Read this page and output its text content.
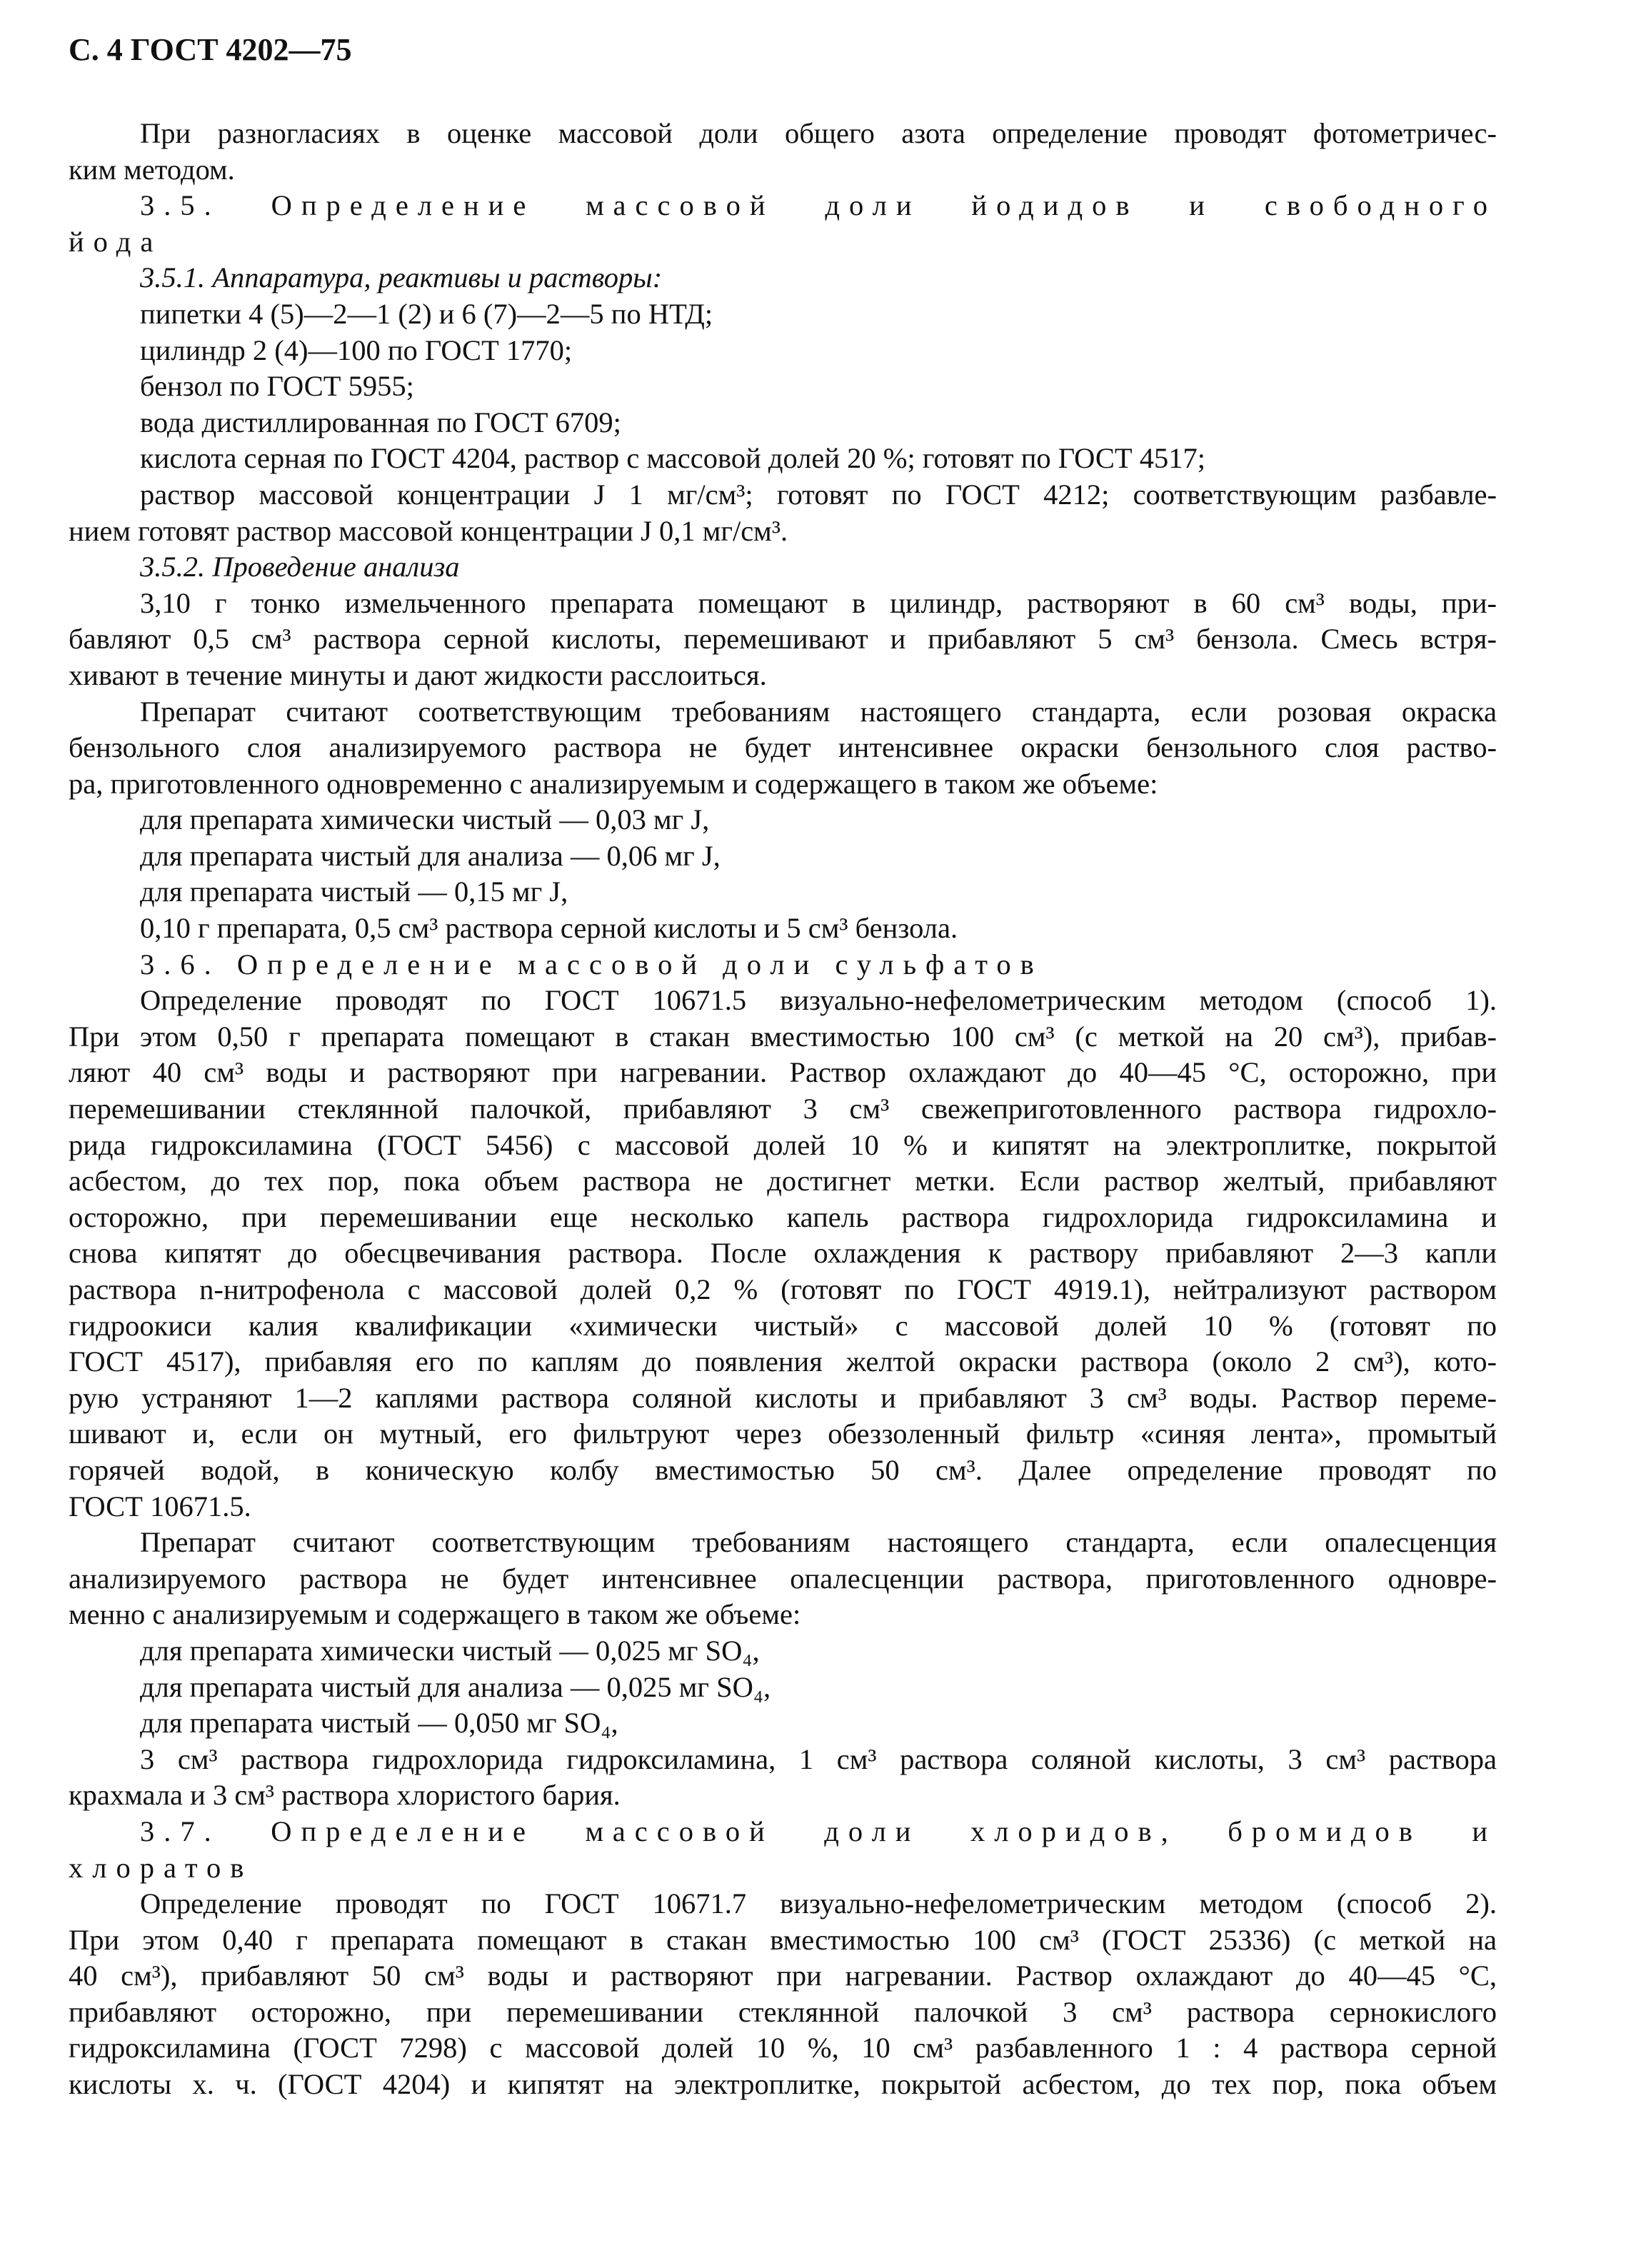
С. 4 ГОСТ 4202—75
При разногласиях в оценке массовой доли общего азота определение проводят фотометричес-
ким методом.
3.5. Определение массовой доли йодидов и свободного
йода
3.5.1. Аппаратура, реактивы и растворы:
пипетки 4 (5)—2—1 (2) и 6 (7)—2—5 по НТД;
цилиндр 2 (4)—100 по ГОСТ 1770;
бензол по ГОСТ 5955;
вода дистиллированная по ГОСТ 6709;
кислота серная по ГОСТ 4204, раствор с массовой долей 20 %; готовят по ГОСТ 4517;
раствор массовой концентрации J 1 мг/см³; готовят по ГОСТ 4212; соответствующим разбавле-
нием готовят раствор массовой концентрации J 0,1 мг/см³.
3.5.2. Проведение анализа
3,10 г тонко измельченного препарата помещают в цилиндр, растворяют в 60 см³ воды, при-
бавляют 0,5 см³ раствора серной кислоты, перемешивают и прибавляют 5 см³ бензола. Смесь встря-
хивают в течение минуты и дают жидкости расслоиться.
Препарат считают соответствующим требованиям настоящего стандарта, если розовая окраска
бензольного слоя анализируемого раствора не будет интенсивнее окраски бензольного слоя раство-
ра, приготовленного одновременно с анализируемым и содержащего в таком же объеме:
для препарата химически чистый — 0,03 мг J,
для препарата чистый для анализа — 0,06 мг J,
для препарата чистый — 0,15 мг J,
0,10 г препарата, 0,5 см³ раствора серной кислоты и 5 см³ бензола.
3.6. Определение массовой доли сульфатов
Определение проводят по ГОСТ 10671.5 визуально-нефелометрическим методом (способ 1).
При этом 0,50 г препарата помещают в стакан вместимостью 100 см³ (с меткой на 20 см³), прибав-
ляют 40 см³ воды и растворяют при нагревании. Раствор охлаждают до 40—45 °С, осторожно, при
перемешивании стеклянной палочкой, прибавляют 3 см³ свежеприготовленного раствора гидрохло-
рида гидроксиламина (ГОСТ 5456) с массовой долей 10 % и кипятят на электроплитке, покрытой
асбестом, до тех пор, пока объем раствора не достигнет метки. Если раствор желтый, прибавляют
осторожно, при перемешивании еще несколько капель раствора гидрохлорида гидроксиламина и
снова кипятят до обесцвечивания раствора. После охлаждения к раствору прибавляют 2—3 капли
раствора n-нитрофенола с массовой долей 0,2 % (готовят по ГОСТ 4919.1), нейтрализуют раствором
гидроокиси калия квалификации «химически чистый» с массовой долей 10 % (готовят по
ГОСТ 4517), прибавляя его по каплям до появления желтой окраски раствора (около 2 см³), кото-
рую устраняют 1—2 каплями раствора соляной кислоты и прибавляют 3 см³ воды. Раствор переме-
шивают и, если он мутный, его фильтруют через обеззоленный фильтр «синяя лента», промытый
горячей водой, в коническую колбу вместимостью 50 см³. Далее определение проводят по
ГОСТ 10671.5.
Препарат считают соответствующим требованиям настоящего стандарта, если опалесценция
анализируемого раствора не будет интенсивнее опалесценции раствора, приготовленного одновре-
менно с анализируемым и содержащего в таком же объеме:
для препарата химически чистый — 0,025 мг SO₄,
для препарата чистый для анализа — 0,025 мг SO₄,
для препарата чистый — 0,050 мг SO₄,
3 см³ раствора гидрохлорида гидроксиламина, 1 см³ раствора соляной кислоты, 3 см³ раствора
крахмала и 3 см³ раствора хлористого бария.
3.7. Определение массовой доли хлоридов, бромидов и
хлоратов
Определение проводят по ГОСТ 10671.7 визуально-нефелометрическим методом (способ 2).
При этом 0,40 г препарата помещают в стакан вместимостью 100 см³ (ГОСТ 25336) (с меткой на
40 см³), прибавляют 50 см³ воды и растворяют при нагревании. Раствор охлаждают до 40—45 °С,
прибавляют осторожно, при перемешивании стеклянной палочкой 3 см³ раствора сернокислого
гидроксиламина (ГОСТ 7298) с массовой долей 10 %, 10 см³ разбавленного 1 : 4 раствора серной
кислоты х. ч. (ГОСТ 4204) и кипятят на электроплитке, покрытой асбестом, до тех пор, пока объем
